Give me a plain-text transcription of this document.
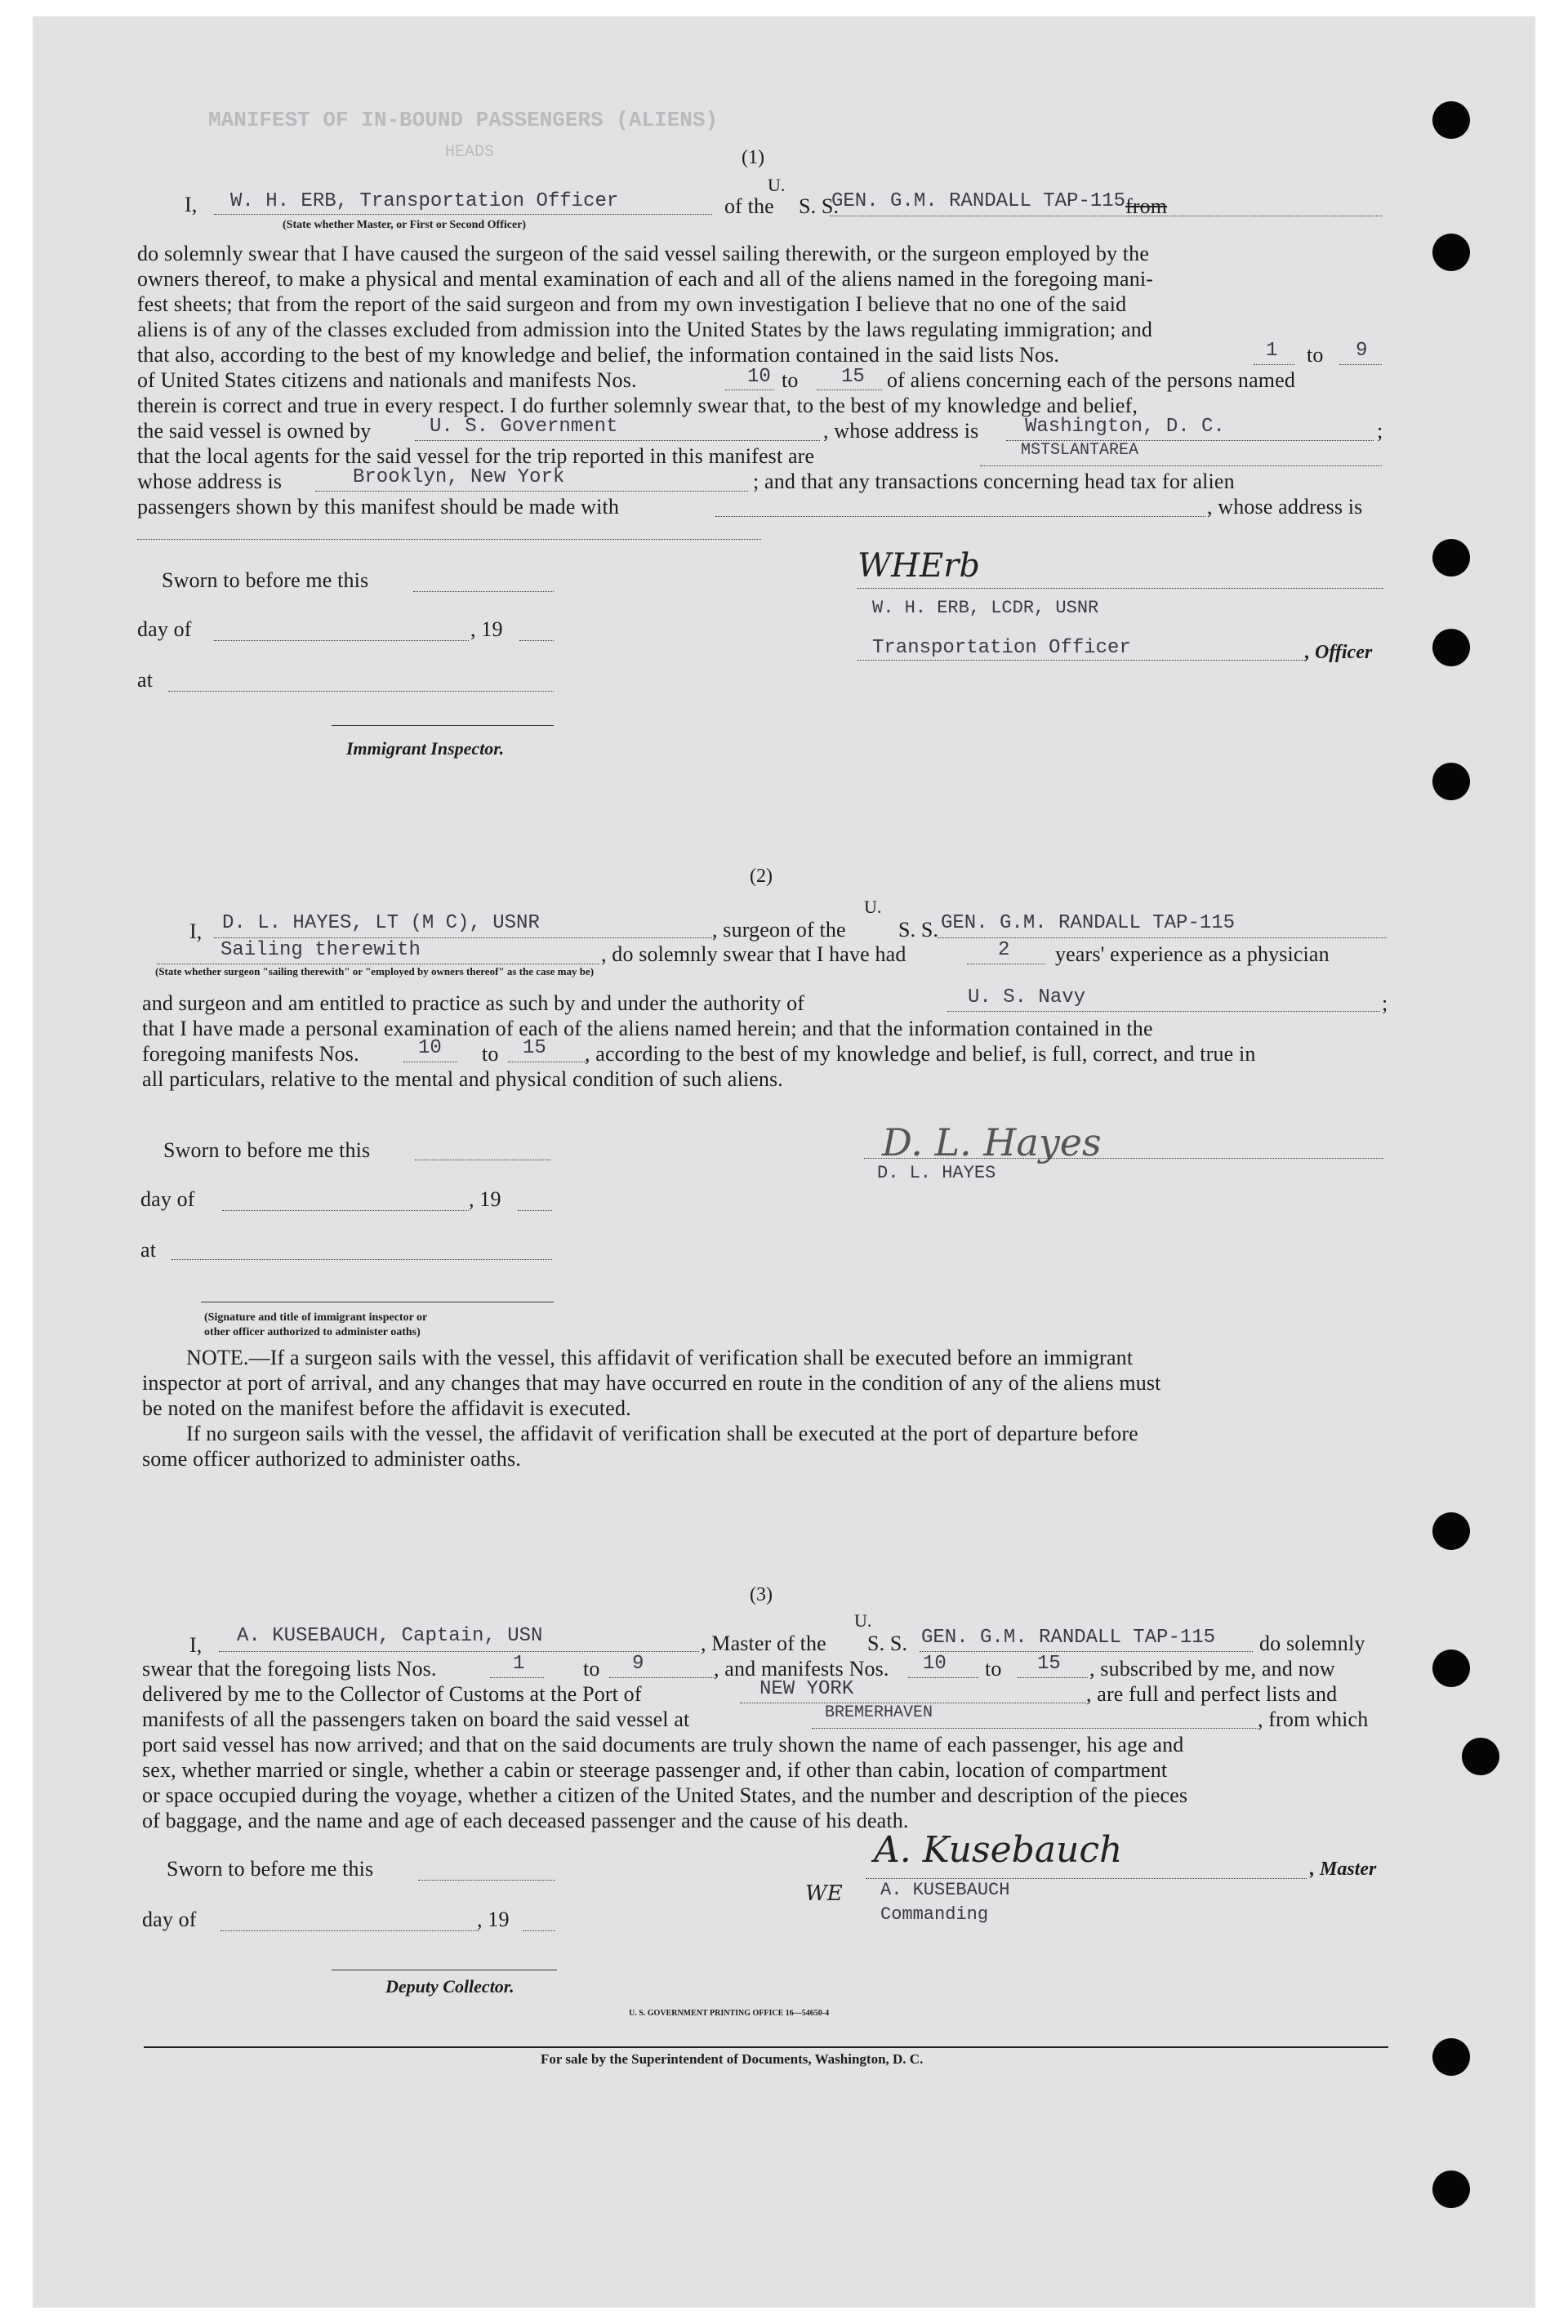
MANIFEST OF IN-BOUND PASSENGERS (ALIENS)
HEADS	(1)
I, W. H. ERB, Transportation Officer	of the
U.
S. S.
GEN. G.M. RANDALL TAP-115 from
(State whether Master, or First or Second Officer)
do solemnly swear that I have caused the surgeon of the said vessel sailing therewith, or the surgeon employed by the
owners thereof, to make a physical and mental examination of each and all of the aliens named in the foregoing mani-
fest sheets; that from the report of the said surgeon and from my own investigation I believe that no one of the said
aliens is of any of the classes excluded from admission into the United States by the laws regulating immigration; and
that also, according to the best of my knowledge and belief, the information contained in the said lists Nos.	1 to 9
of United States citizens and nationals and manifests Nos.	10 to 15 of aliens concerning each of the persons named
therein is correct and true in every respect. I do further solemnly swear that, to the best of my knowledge and belief,
the said vessel is owned by	U. S. Government	, whose address is Washington, D. C.	;
that the local agents for the said vessel for the trip reported in this manifest are	MSTSLANTAREA
whose address is	Brooklyn, New York	; and that any transactions concerning head tax for alien
passengers shown by this manifest should be made with	, whose address is
Sworn to before me this
day of	, 19
at
Immigrant Inspector.
WHErb
W. H. ERB, LCDR, USNR
Transportation Officer	, Officer
(2)
I, D. L. HAYES, LT (M C), USNR	, surgeon of the
U.
S. S. GEN. G.M. RANDALL TAP-115
Sailing therewith	, do solemnly swear that I have had	2 years' experience as a physician
(State whether surgeon "sailing therewith" or "employed by owners thereof" as the case may be)
and surgeon and am entitled to practice as such by and under the authority of	U. S. Navy	;
that I have made a personal examination of each of the aliens named herein; and that the information contained in the
foregoing manifests Nos.	10 to 15 , according to the best of my knowledge and belief, is full, correct, and true in
all particulars, relative to the mental and physical condition of such aliens.
Sworn to before me this
day of	, 19
at
(Signature and title of immigrant inspector or
other officer authorized to administer oaths)
D. L. Hayes
D. L. HAYES
NOTE.—If a surgeon sails with the vessel, this affidavit of verification shall be executed before an immigrant
inspector at port of arrival, and any changes that may have occurred en route in the condition of any of the aliens must
be noted on the manifest before the affidavit is executed.
If no surgeon sails with the vessel, the affidavit of verification shall be executed at the port of departure before
some officer authorized to administer oaths.
(3)
I, A. KUSEBAUCH, Captain, USN	, Master of the
U.
S. S. GEN. G.M. RANDALL TAP-115 do solemnly
swear that the foregoing lists Nos.	1	to 9	, and manifests Nos. 10 to 15 , subscribed by me, and now
delivered by me to the Collector of Customs at the Port of	NEW YORK	, are full and perfect lists and
manifests of all the passengers taken on board the said vessel at	BREMERHAVEN	, from which
port said vessel has now arrived; and that on the said documents are truly shown the name of each passenger, his age and
sex, whether married or single, whether a cabin or steerage passenger and, if other than cabin, location of compartment
or space occupied during the voyage, whether a citizen of the United States, and the number and description of the pieces
of baggage, and the name and age of each deceased passenger and the cause of his death.
Sworn to before me this
day of	, 19
Deputy Collector.
A. Kusebauch	, Master
WE A. KUSEBAUCH
Commanding
U. S. GOVERNMENT PRINTING OFFICE 16—54650-4
For sale by the Superintendent of Documents, Washington, D. C.
